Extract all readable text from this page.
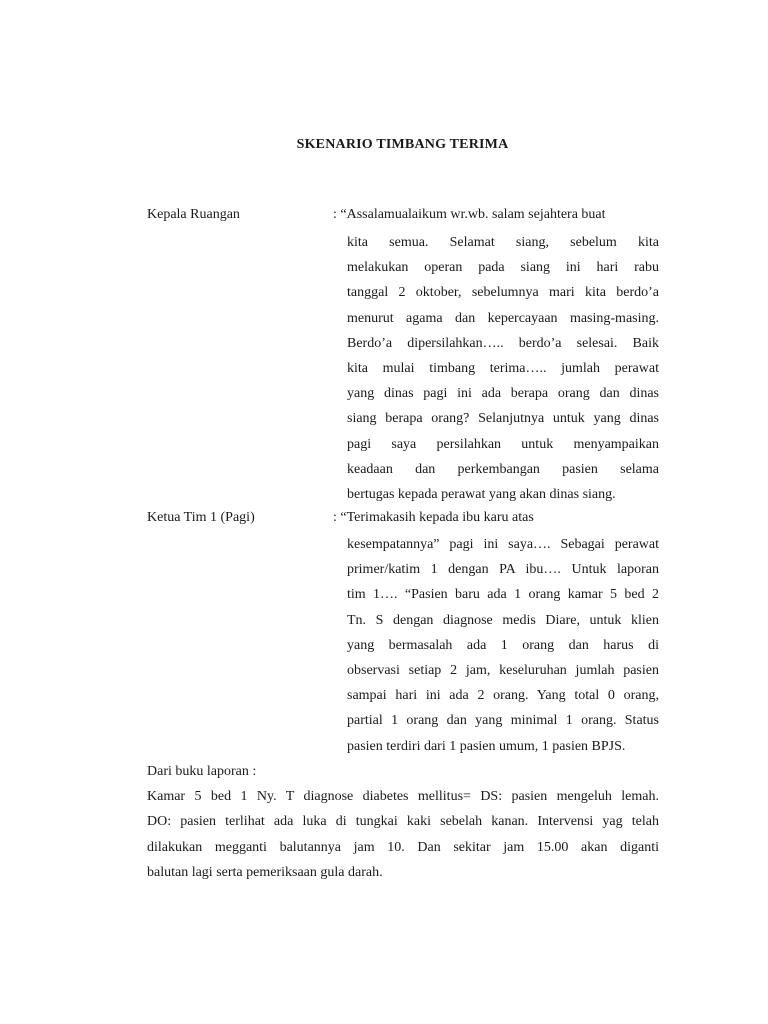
SKENARIO TIMBANG TERIMA
Kepala Ruangan	: “Assalamualaikum wr.wb. salam sejahtera buat
kita semua. Selamat siang, sebelum kita
melakukan operan pada siang ini hari rabu
tanggal 2 oktober, sebelumnya mari kita berdo’a
menurut agama dan kepercayaan masing-masing.
Berdo’a dipersilahkan….. berdo’a selesai. Baik
kita mulai timbang terima….. jumlah perawat
yang dinas pagi ini ada berapa orang dan dinas
siang berapa orang? Selanjutnya untuk yang dinas
pagi saya persilahkan untuk menyampaikan
keadaan dan perkembangan pasien selama
bertugas kepada perawat yang akan dinas siang.
Ketua Tim 1 (Pagi)	: “Terimakasih kepada ibu karu atas
kesempatannya” pagi ini saya…. Sebagai perawat
primer/katim 1 dengan PA ibu…. Untuk laporan
tim 1…. “Pasien baru ada 1 orang kamar 5 bed 2
Tn. S dengan diagnose medis Diare, untuk klien
yang bermasalah ada 1 orang dan harus di
observasi setiap 2 jam, keseluruhan jumlah pasien
sampai hari ini ada 2 orang. Yang total 0 orang,
partial 1 orang dan yang minimal 1 orang. Status
pasien terdiri dari 1 pasien umum, 1 pasien BPJS.
Dari buku laporan :
Kamar 5 bed 1 Ny. T diagnose diabetes mellitus= DS: pasien mengeluh lemah.
DO: pasien terlihat ada luka di tungkai kaki sebelah kanan. Intervensi yag telah
dilakukan megganti balutannya jam 10. Dan sekitar jam 15.00 akan diganti
balutan lagi serta pemeriksaan gula darah.
